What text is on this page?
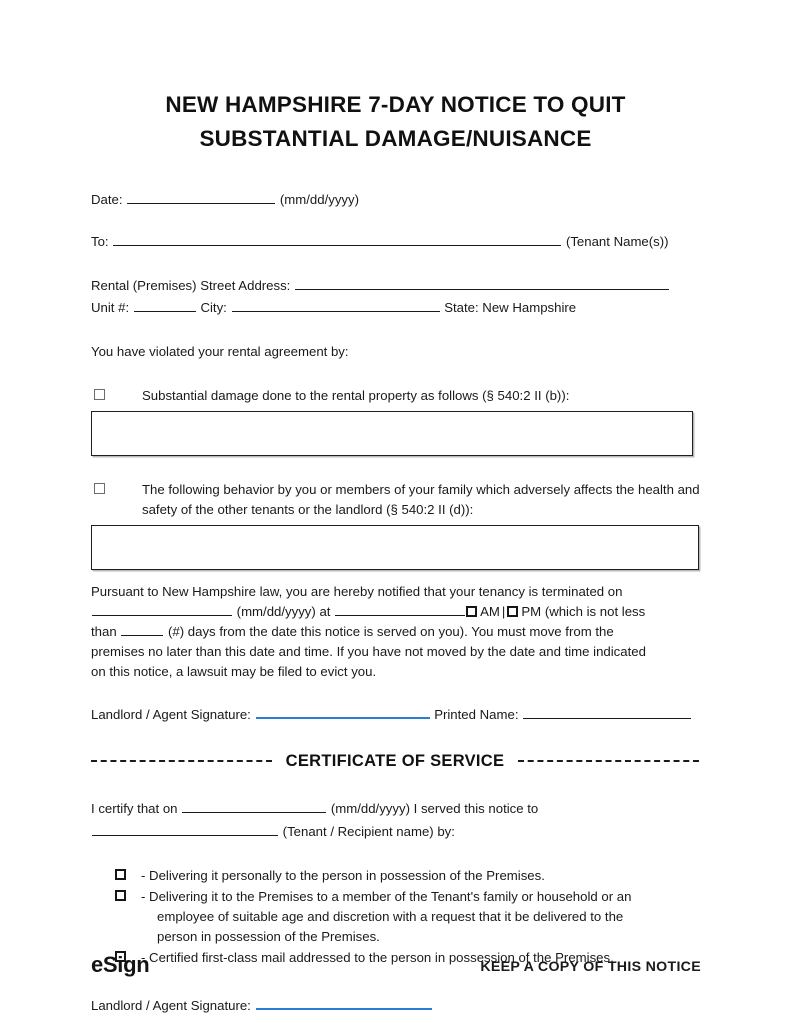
NEW HAMPSHIRE 7-DAY NOTICE TO QUIT
SUBSTANTIAL DAMAGE/NUISANCE
Date:	(mm/dd/yyyy)
To:	(Tenant Name(s))
Rental (Premises) Street Address:
Unit #:	City:	State: New Hampshire
You have violated your rental agreement by:
Substantial damage done to the rental property as follows (§ 540:2 II (b)):
The following behavior by you or members of your family which adversely affects the health and safety of the other tenants or the landlord (§ 540:2 II (d)):
Pursuant to New Hampshire law, you are hereby notified that your tenancy is terminated on
(mm/dd/yyyy) at	AM | PM (which is not less
than	(#) days from the date this notice is served on you). You must move from the
premises no later than this date and time. If you have not moved by the date and time indicated
on this notice, a lawsuit may be filed to evict you.
Landlord / Agent Signature:	Printed Name:
CERTIFICATE OF SERVICE
I certify that on	(mm/dd/yyyy) I served this notice to
(Tenant / Recipient name) by:
- Delivering it personally to the person in possession of the Premises.
- Delivering it to the Premises to a member of the Tenant's family or household or an
employee of suitable age and discretion with a request that it be delivered to the
person in possession of the Premises.
- Certified first-class mail addressed to the person in possession of the Premises.
Landlord / Agent Signature:
eSign	KEEP A COPY OF THIS NOTICE
